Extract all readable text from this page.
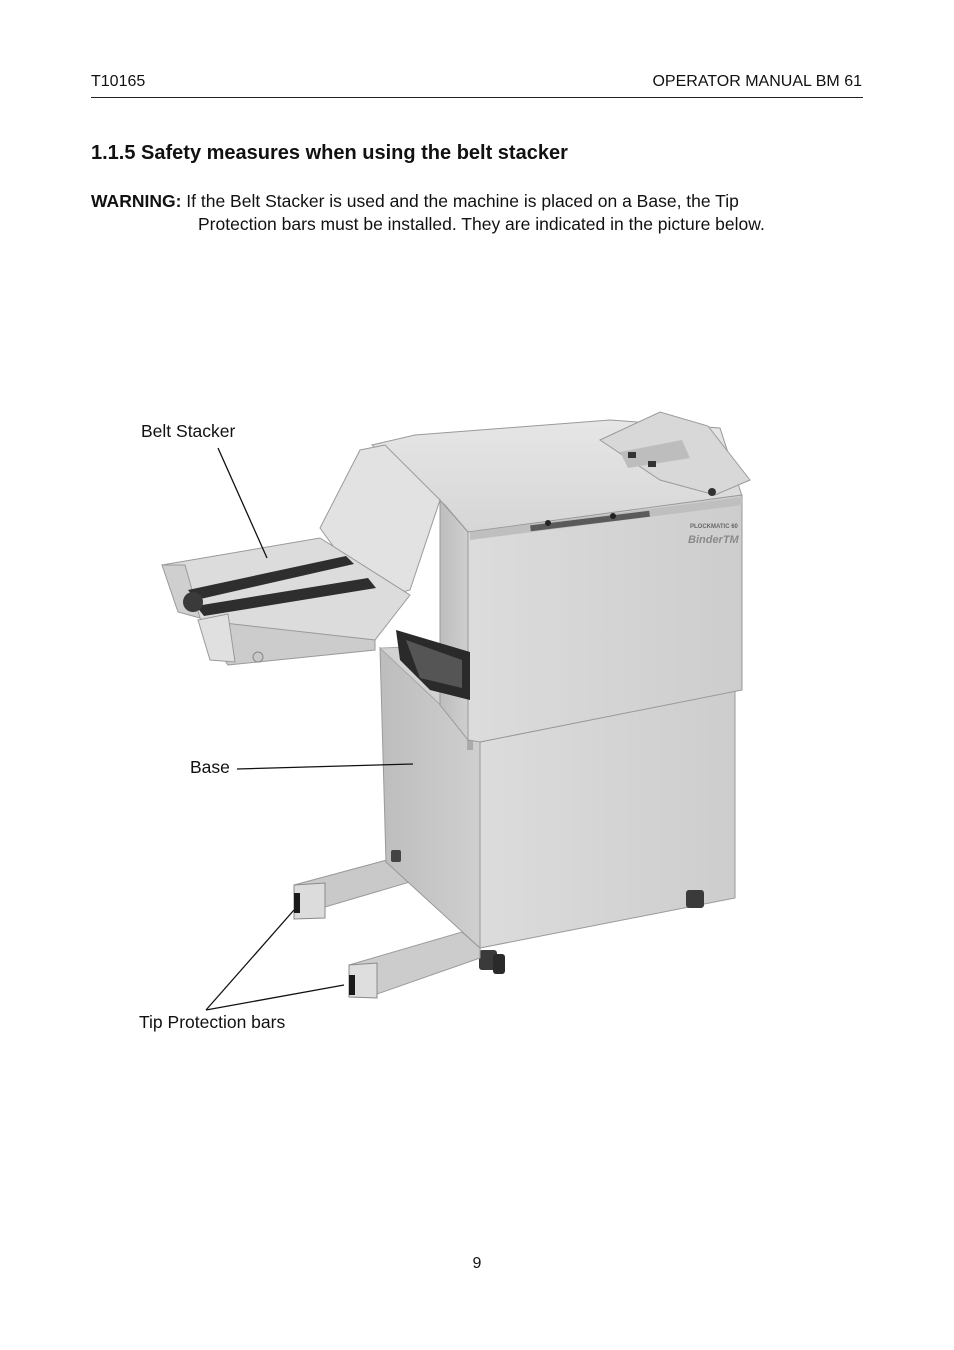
T10165	OPERATOR MANUAL BM 61
1.1.5 Safety measures when using the belt stacker
WARNING: If the Belt Stacker is used and the machine is placed on a Base, the Tip
Protection bars must be installed. They are indicated in the picture below.
PLOCKMATIC 60
BinderTM
Belt Stacker
Base
Tip Protection bars
9
